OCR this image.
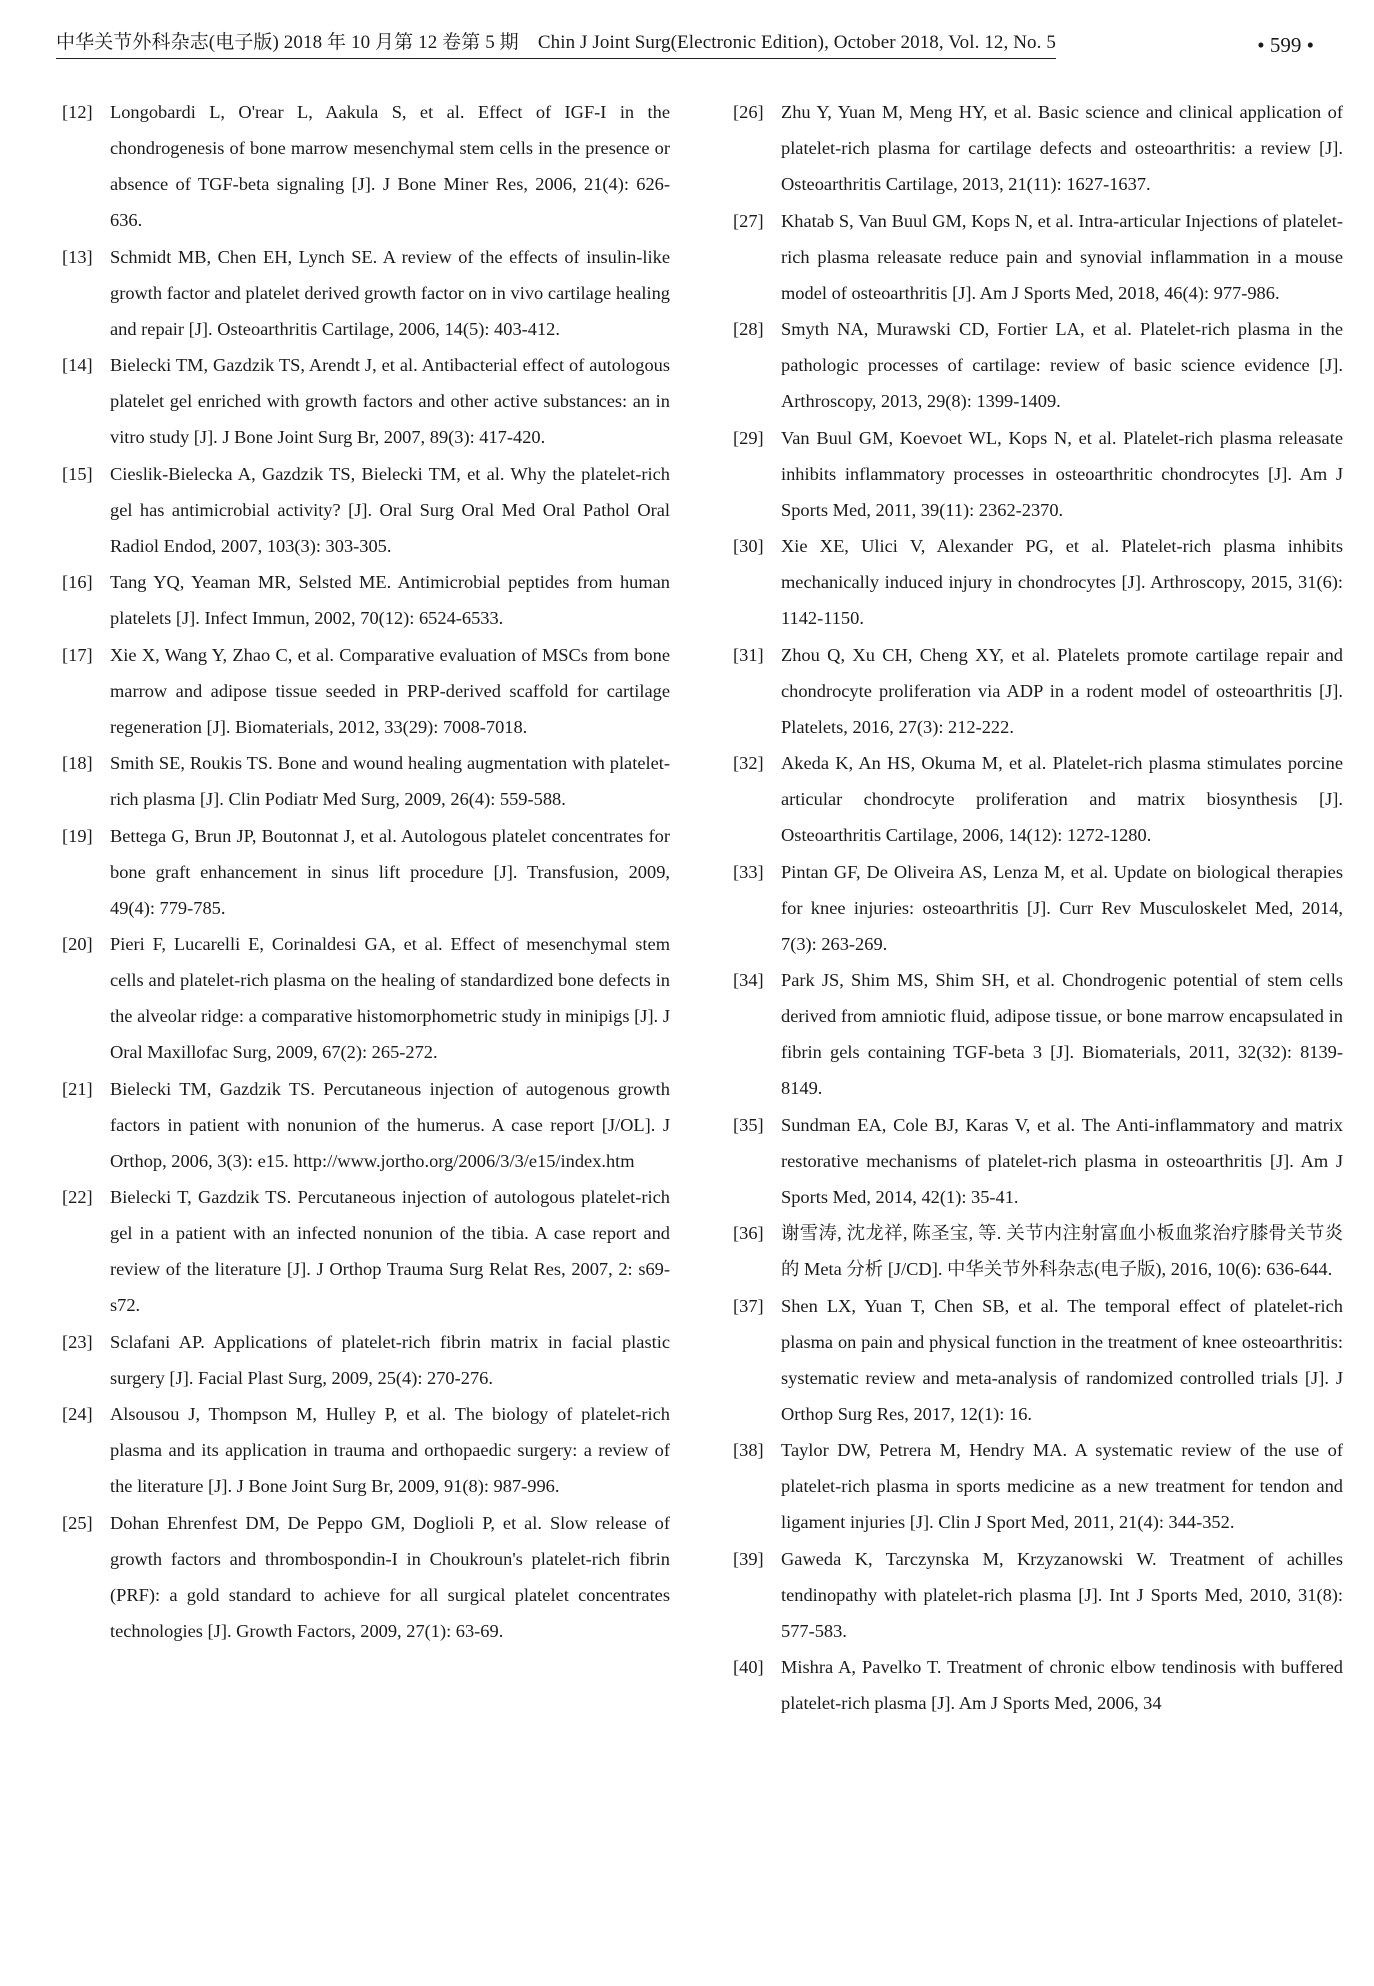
中华关节外科杂志(电子版) 2018 年 10 月第 12 卷第 5 期　Chin J Joint Surg(Electronic Edition), October 2018, Vol. 12, No. 5	• 599 •
[12] Longobardi L, O'rear L, Aakula S, et al. Effect of IGF-I in the chondrogenesis of bone marrow mesenchymal stem cells in the presence or absence of TGF-beta signaling [J]. J Bone Miner Res, 2006, 21(4): 626-636.
[13] Schmidt MB, Chen EH, Lynch SE. A review of the effects of insulin-like growth factor and platelet derived growth factor on in vivo cartilage healing and repair [J]. Osteoarthritis Cartilage, 2006, 14(5): 403-412.
[14] Bielecki TM, Gazdzik TS, Arendt J, et al. Antibacterial effect of autologous platelet gel enriched with growth factors and other active substances: an in vitro study [J]. J Bone Joint Surg Br, 2007, 89(3): 417-420.
[15] Cieslik-Bielecka A, Gazdzik TS, Bielecki TM, et al. Why the platelet-rich gel has antimicrobial activity? [J]. Oral Surg Oral Med Oral Pathol Oral Radiol Endod, 2007, 103(3): 303-305.
[16] Tang YQ, Yeaman MR, Selsted ME. Antimicrobial peptides from human platelets [J]. Infect Immun, 2002, 70(12): 6524-6533.
[17] Xie X, Wang Y, Zhao C, et al. Comparative evaluation of MSCs from bone marrow and adipose tissue seeded in PRP-derived scaffold for cartilage regeneration [J]. Biomaterials, 2012, 33(29): 7008-7018.
[18] Smith SE, Roukis TS. Bone and wound healing augmentation with platelet-rich plasma [J]. Clin Podiatr Med Surg, 2009, 26(4): 559-588.
[19] Bettega G, Brun JP, Boutonnat J, et al. Autologous platelet concentrates for bone graft enhancement in sinus lift procedure [J]. Transfusion, 2009, 49(4): 779-785.
[20] Pieri F, Lucarelli E, Corinaldesi GA, et al. Effect of mesenchymal stem cells and platelet-rich plasma on the healing of standardized bone defects in the alveolar ridge: a comparative histomorphometric study in minipigs [J]. J Oral Maxillofac Surg, 2009, 67(2): 265-272.
[21] Bielecki TM, Gazdzik TS. Percutaneous injection of autogenous growth factors in patient with nonunion of the humerus. A case report [J/OL]. J Orthop, 2006, 3(3): e15. http://www.jortho.org/2006/3/3/e15/index.htm
[22] Bielecki T, Gazdzik TS. Percutaneous injection of autologous platelet-rich gel in a patient with an infected nonunion of the tibia. A case report and review of the literature [J]. J Orthop Trauma Surg Relat Res, 2007, 2: s69-s72.
[23] Sclafani AP. Applications of platelet-rich fibrin matrix in facial plastic surgery [J]. Facial Plast Surg, 2009, 25(4): 270-276.
[24] Alsousou J, Thompson M, Hulley P, et al. The biology of platelet-rich plasma and its application in trauma and orthopaedic surgery: a review of the literature [J]. J Bone Joint Surg Br, 2009, 91(8): 987-996.
[25] Dohan Ehrenfest DM, De Peppo GM, Doglioli P, et al. Slow release of growth factors and thrombospondin-I in Choukroun's platelet-rich fibrin (PRF): a gold standard to achieve for all surgical platelet concentrates technologies [J]. Growth Factors, 2009, 27(1): 63-69.
[26] Zhu Y, Yuan M, Meng HY, et al. Basic science and clinical application of platelet-rich plasma for cartilage defects and osteoarthritis: a review [J]. Osteoarthritis Cartilage, 2013, 21(11): 1627-1637.
[27] Khatab S, Van Buul GM, Kops N, et al. Intra-articular Injections of platelet-rich plasma releasate reduce pain and synovial inflammation in a mouse model of osteoarthritis [J]. Am J Sports Med, 2018, 46(4): 977-986.
[28] Smyth NA, Murawski CD, Fortier LA, et al. Platelet-rich plasma in the pathologic processes of cartilage: review of basic science evidence [J]. Arthroscopy, 2013, 29(8): 1399-1409.
[29] Van Buul GM, Koevoet WL, Kops N, et al. Platelet-rich plasma releasate inhibits inflammatory processes in osteoarthritic chondrocytes [J]. Am J Sports Med, 2011, 39(11): 2362-2370.
[30] Xie XE, Ulici V, Alexander PG, et al. Platelet-rich plasma inhibits mechanically induced injury in chondrocytes [J]. Arthroscopy, 2015, 31(6): 1142-1150.
[31] Zhou Q, Xu CH, Cheng XY, et al. Platelets promote cartilage repair and chondrocyte proliferation via ADP in a rodent model of osteoarthritis [J]. Platelets, 2016, 27(3): 212-222.
[32] Akeda K, An HS, Okuma M, et al. Platelet-rich plasma stimulates porcine articular chondrocyte proliferation and matrix biosynthesis [J]. Osteoarthritis Cartilage, 2006, 14(12): 1272-1280.
[33] Pintan GF, De Oliveira AS, Lenza M, et al. Update on biological therapies for knee injuries: osteoarthritis [J]. Curr Rev Musculoskelet Med, 2014, 7(3): 263-269.
[34] Park JS, Shim MS, Shim SH, et al. Chondrogenic potential of stem cells derived from amniotic fluid, adipose tissue, or bone marrow encapsulated in fibrin gels containing TGF-beta 3 [J]. Biomaterials, 2011, 32(32): 8139-8149.
[35] Sundman EA, Cole BJ, Karas V, et al. The Anti-inflammatory and matrix restorative mechanisms of platelet-rich plasma in osteoarthritis [J]. Am J Sports Med, 2014, 42(1): 35-41.
[36] 谢雪涛, 沈龙祥, 陈圣宝, 等. 关节内注射富血小板血浆治疗膝骨关节炎的 Meta 分析 [J/CD]. 中华关节外科杂志(电子版), 2016, 10(6): 636-644.
[37] Shen LX, Yuan T, Chen SB, et al. The temporal effect of platelet-rich plasma on pain and physical function in the treatment of knee osteoarthritis: systematic review and meta-analysis of randomized controlled trials [J]. J Orthop Surg Res, 2017, 12(1): 16.
[38] Taylor DW, Petrera M, Hendry MA. A systematic review of the use of platelet-rich plasma in sports medicine as a new treatment for tendon and ligament injuries [J]. Clin J Sport Med, 2011, 21(4): 344-352.
[39] Gaweda K, Tarczynska M, Krzyzanowski W. Treatment of achilles tendinopathy with platelet-rich plasma [J]. Int J Sports Med, 2010, 31(8): 577-583.
[40] Mishra A, Pavelko T. Treatment of chronic elbow tendinosis with buffered platelet-rich plasma [J]. Am J Sports Med, 2006, 34
